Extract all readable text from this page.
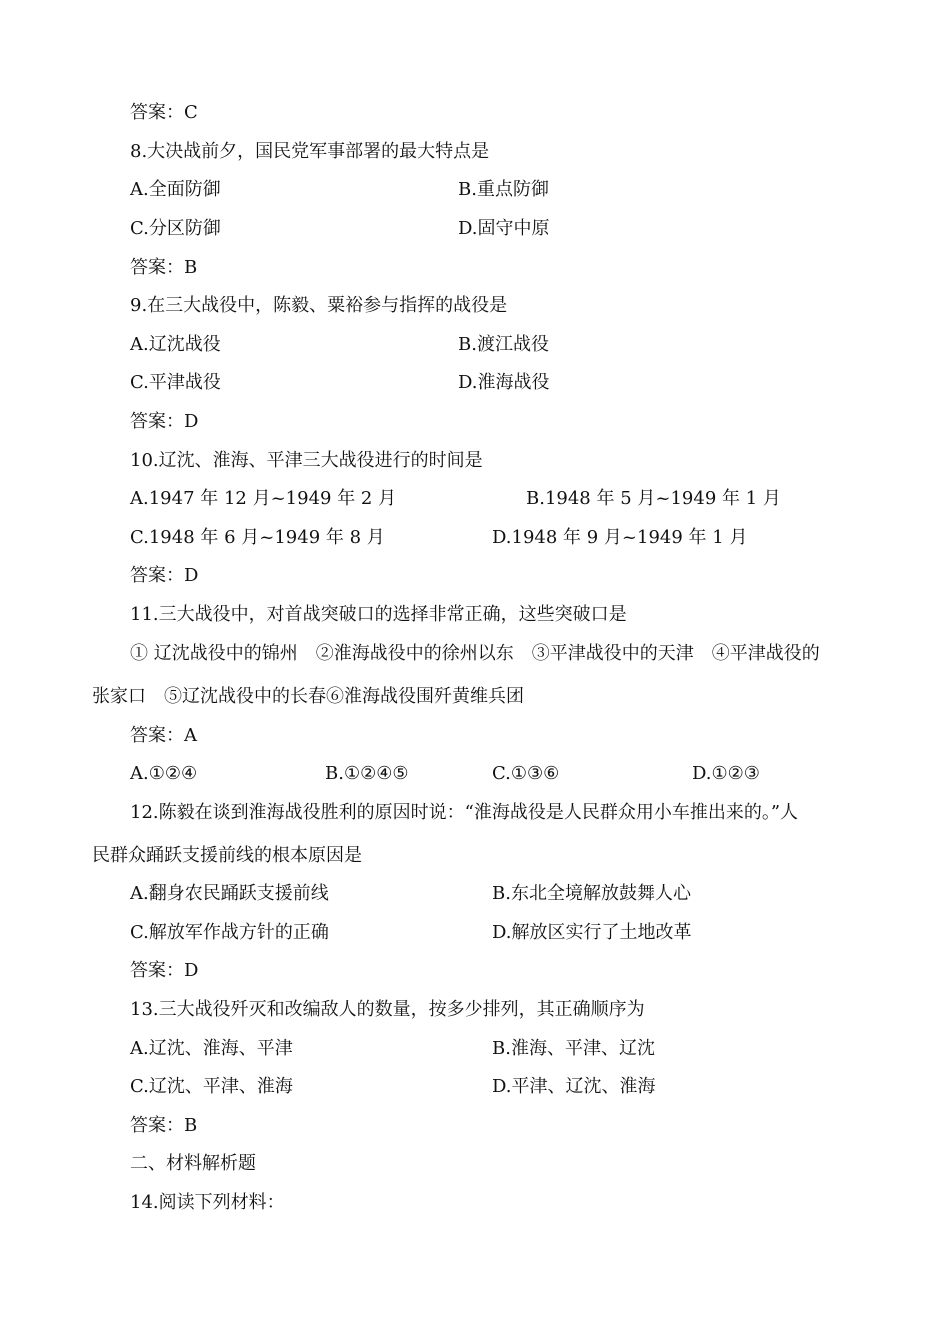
答案：C
8.大决战前夕，国民党军事部署的最大特点是
A.全面防御	B.重点防御
C.分区防御	D.固守中原
答案：B
9.在三大战役中，陈毅、粟裕参与指挥的战役是
A.辽沈战役	B.渡江战役
C.平津战役	D.淮海战役
答案：D
10.辽沈、淮海、平津三大战役进行的时间是
A.1947 年 12 月~1949 年 2 月	B.1948 年 5 月~1949 年 1 月
C.1948 年 6 月~1949 年 8 月	D.1948 年 9 月~1949 年 1 月
答案：D
11.三大战役中，对首战突破口的选择非常正确，这些突破口是
① 辽沈战役中的锦州　②淮海战役中的徐州以东　③平津战役中的天津　④平津战役的
张家口　⑤辽沈战役中的长春⑥淮海战役围歼黄维兵团
答案：A
A.①②④	B.①②④⑤	C.①③⑥	D.①②③
12.陈毅在谈到淮海战役胜利的原因时说：“淮海战役是人民群众用小车推出来的。”人
民群众踊跃支援前线的根本原因是
A.翻身农民踊跃支援前线	B.东北全境解放鼓舞人心
C.解放军作战方针的正确	D.解放区实行了土地改革
答案：D
13.三大战役歼灭和改编敌人的数量，按多少排列，其正确顺序为
A.辽沈、淮海、平津	B.淮海、平津、辽沈
C.辽沈、平津、淮海	D.平津、辽沈、淮海
答案：B
二、材料解析题
14.阅读下列材料：
